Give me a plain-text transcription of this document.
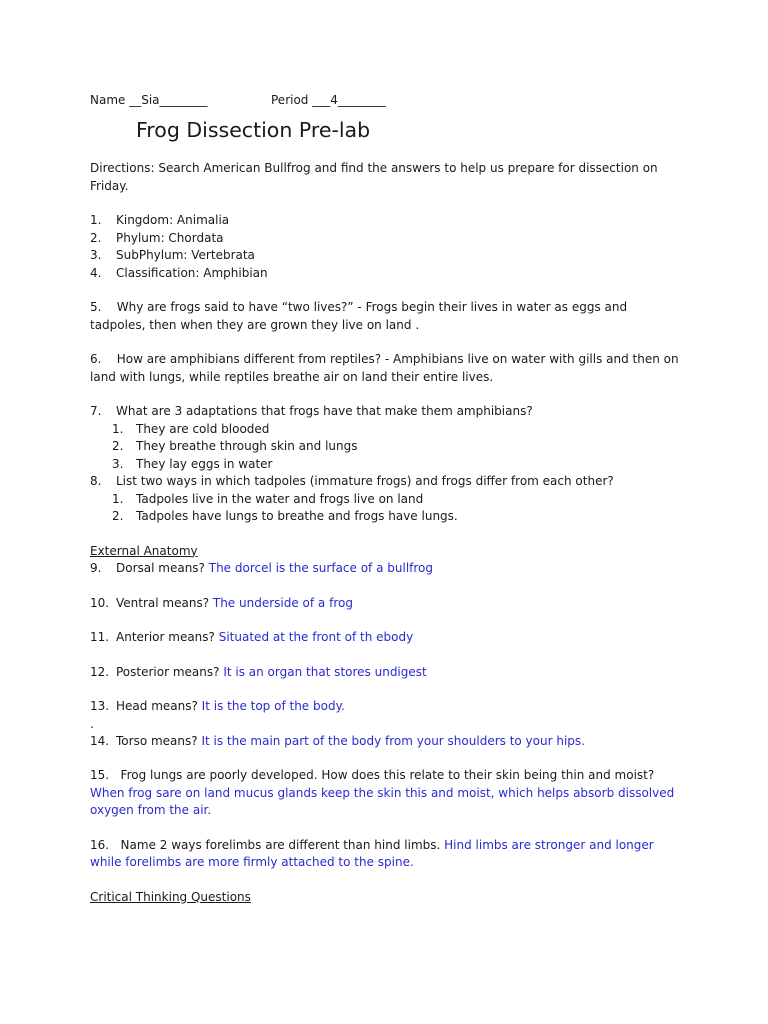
Name __Sia________	Period ___4________
Frog Dissection Pre-lab
Directions: Search American Bullfrog and find the answers to help us prepare for dissection on Friday.
1. Kingdom: Animalia
2. Phylum: Chordata
3. SubPhylum: Vertebrata
4. Classification: Amphibian
5. Why are frogs said to have “two lives?” - Frogs begin their lives in water as eggs and tadpoles, then when they are grown they live on land .
6. How are amphibians different from reptiles? - Amphibians live on water with gills and then on land with lungs, while reptiles breathe air on land their entire lives.
7. What are 3 adaptations that frogs have that make them amphibians?
1. They are cold blooded
2. They breathe through skin and lungs
3. They lay eggs in water
8. List two ways in which tadpoles (immature frogs) and frogs differ from each other?
1. Tadpoles live in the water and frogs live on land
2. Tadpoles have lungs to breathe and frogs have lungs.
External Anatomy
9. Dorsal means? The dorcel is the surface of a bullfrog
10. Ventral means? The underside of a frog
11. Anterior means? Situated at the front of th ebody
12. Posterior means? It is an organ that stores undigest
13. Head means? It is the top of the body.
.
14. Torso means? It is the main part of the body from your shoulders to your hips.
15. Frog lungs are poorly developed. How does this relate to their skin being thin and moist? When frog sare on land mucus glands keep the skin this and moist, which helps absorb dissolved oxygen from the air.
16. Name 2 ways forelimbs are different than hind limbs. Hind limbs are stronger and longer while forelimbs are more firmly attached to the spine.
Critical Thinking Questions
